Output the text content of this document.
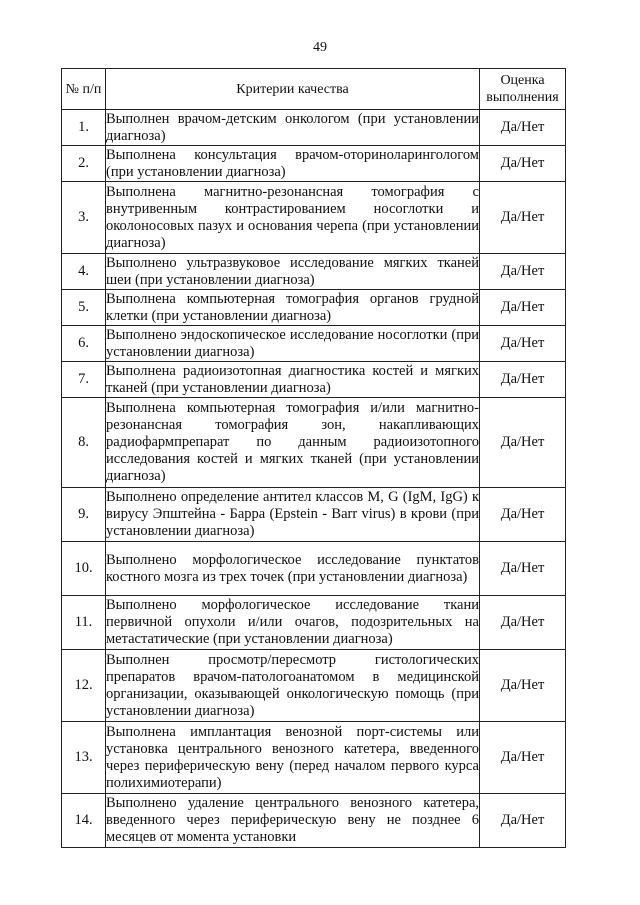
49
№ п/п	Критерии качества	Оценка выполнения
1.	Выполнен врачом-детским онкологом (при установлении диагноза)	Да/Нет
2.	Выполнена консультация врачом-оториноларингологом (при установлении диагноза)	Да/Нет
3.	Выполнена магнитно-резонансная томография с внутривенным контрастированием носоглотки и околоносовых пазух и основания черепа (при установлении диагноза)	Да/Нет
4.	Выполнено ультразвуковое исследование мягких тканей шеи (при установлении диагноза)	Да/Нет
5.	Выполнена компьютерная томография органов грудной клетки (при установлении диагноза)	Да/Нет
6.	Выполнено эндоскопическое исследование носоглотки (при установлении диагноза)	Да/Нет
7.	Выполнена радиоизотопная диагностика костей и мягких тканей (при установлении диагноза)	Да/Нет
8.	Выполнена компьютерная томография и/или магнитно-резонансная томография зон, накапливающих радиофармпрепарат по данным радиоизотопного исследования костей и мягких тканей (при установлении диагноза)	Да/Нет
9.	Выполнено определение антител классов М, G (IgM, IgG) к вирусу Эпштейна - Барра (Epstein - Barr virus) в крови (при установлении диагноза)	Да/Нет
10.	Выполнено морфологическое исследование пунктатов костного мозга из трех точек (при установлении диагноза)	Да/Нет
11.	Выполнено морфологическое исследование ткани первичной опухоли и/или очагов, подозрительных на метастатические (при установлении диагноза)	Да/Нет
12.	Выполнен просмотр/пересмотр гистологических препаратов врачом-патологоанатомом в медицинской организации, оказывающей онкологическую помощь (при установлении диагноза)	Да/Нет
13.	Выполнена имплантация венозной порт-системы или установка центрального венозного катетера, введенного через периферическую вену (перед началом первого курса полихимиотерапи)	Да/Нет
14.	Выполнено удаление центрального венозного катетера, введенного через периферическую вену не позднее 6 месяцев от момента установки	Да/Нет
